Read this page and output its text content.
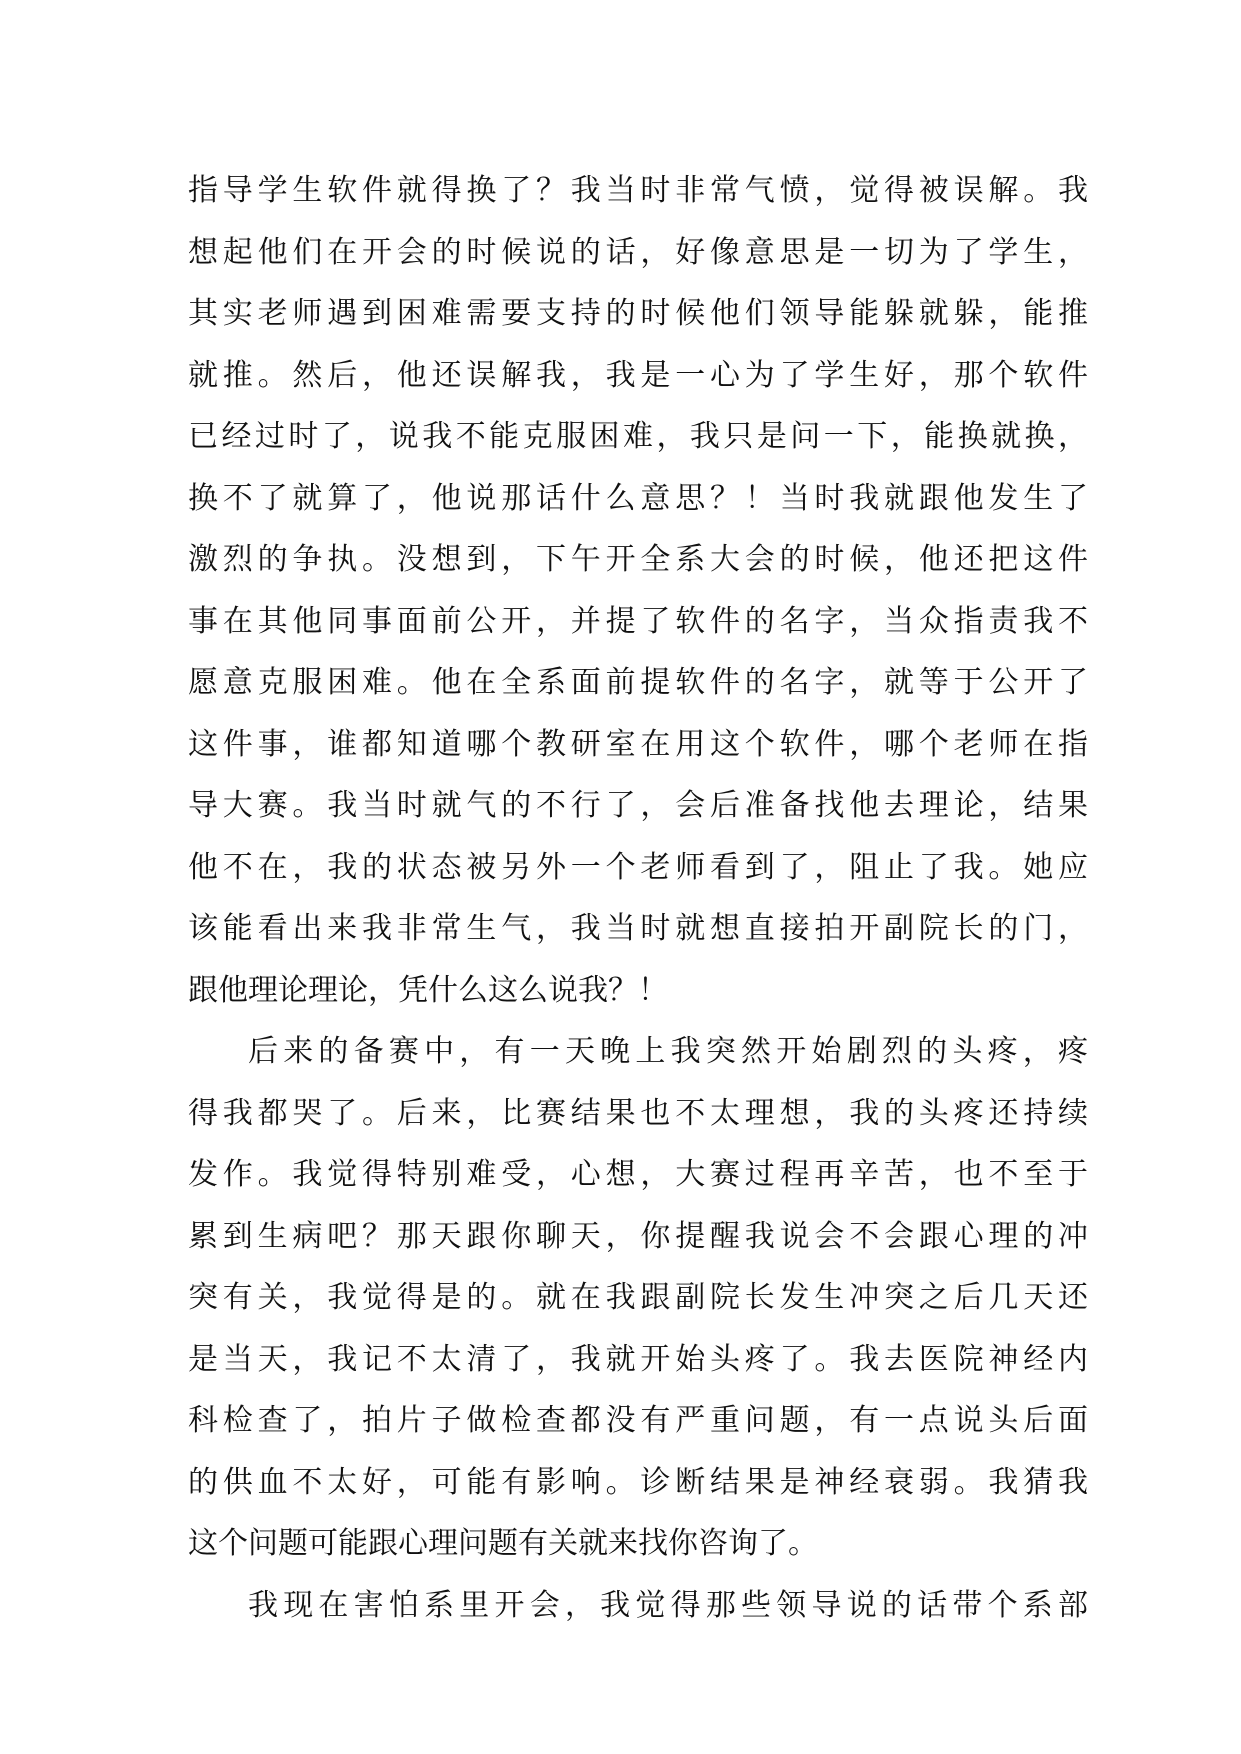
指导学生软件就得换了？我当时非常气愤，觉得被误解。我
想起他们在开会的时候说的话，好像意思是一切为了学生，
其实老师遇到困难需要支持的时候他们领导能躲就躲，能推
就推。然后，他还误解我，我是一心为了学生好，那个软件
已经过时了，说我不能克服困难，我只是问一下，能换就换，
换不了就算了，他说那话什么意思？！当时我就跟他发生了
激烈的争执。没想到，下午开全系大会的时候，他还把这件
事在其他同事面前公开，并提了软件的名字，当众指责我不
愿意克服困难。他在全系面前提软件的名字，就等于公开了
这件事，谁都知道哪个教研室在用这个软件，哪个老师在指
导大赛。我当时就气的不行了，会后准备找他去理论，结果
他不在，我的状态被另外一个老师看到了，阻止了我。她应
该能看出来我非常生气，我当时就想直接拍开副院长的门，
跟他理论理论，凭什么这么说我？！
后来的备赛中，有一天晚上我突然开始剧烈的头疼，疼
得我都哭了。后来，比赛结果也不太理想，我的头疼还持续
发作。我觉得特别难受，心想，大赛过程再辛苦，也不至于
累到生病吧？那天跟你聊天，你提醒我说会不会跟心理的冲
突有关，我觉得是的。就在我跟副院长发生冲突之后几天还
是当天，我记不太清了，我就开始头疼了。我去医院神经内
科检查了，拍片子做检查都没有严重问题，有一点说头后面
的供血不太好，可能有影响。诊断结果是神经衰弱。我猜我
这个问题可能跟心理问题有关就来找你咨询了。
我现在害怕系里开会，我觉得那些领导说的话带个系部
